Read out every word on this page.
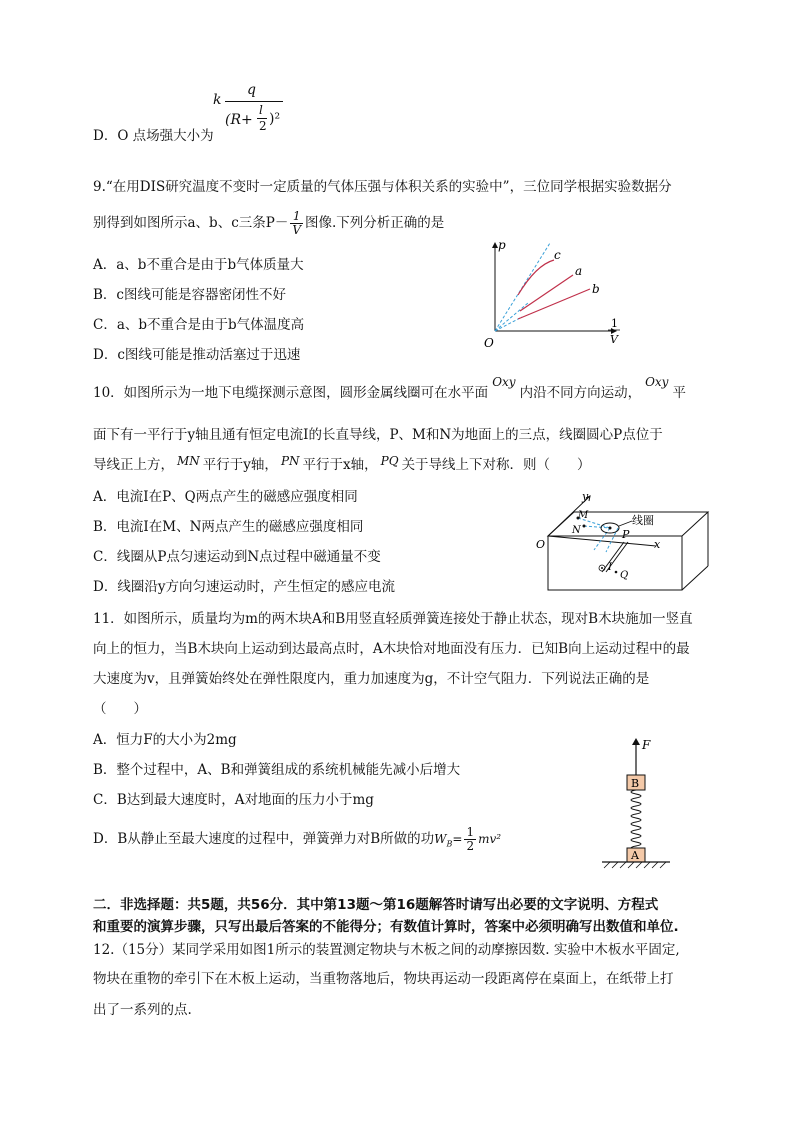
k
q
(R+
l
2 )²
D．O 点场强大小为
9.“在用DIS研究温度不变时一定质量的气体压强与体积关系的实验中”，三位同学根据实验数据分
别得到如图所示a、b、c三条$P- \frac{1}{V}$ 图像.下列分析正确的是
A．a、b不重合是由于b气体质量大
B．c图线可能是容器密闭性不好
C．a、b不重合是由于b气体温度高
D．c图线可能是推动活塞过于迅速
p
O
1
V
c
a
b
10．如图所示为一地下电缆探测示意图，圆形金属线圈可在水平面Oxy内沿不同方向运动，Oxy平
面下有一平行于y轴且通有恒定电流I的长直导线，P、M和N为地面上的三点，线圈圆心P点位于
导线正上方， MN 平行于y轴， PN 平行于x轴， PQ 关于导线上下对称．则（　　）
A．电流I在P、Q两点产生的磁感应强度相同
B．电流I在M、N两点产生的磁感应强度相同
C．线圈从P点匀速运动到N点过程中磁通量不变
D．线圈沿y方向匀速运动时，产生恒定的感应电流
y
x
O
线圈
M
N	P
I
Q
11．如图所示，质量均为m的两木块A和B用竖直轻质弹簧连接处于静止状态，现对B木块施加一竖直
向上的恒力，当B木块向上运动到达最高点时，A木块恰对地面没有压力．已知B向上运动过程中的最
大速度为v，且弹簧始终处在弹性限度内，重力加速度为g，不计空气阻力．下列说法正确的是
（　　）
A．恒力F的大小为2mg
B．整个过程中，A、B和弹簧组成的系统机械能先减小后增大
C．B达到最大速度时，A对地面的压力小于mg
D．B从静止至最大速度的过程中，弹簧弹力对B所做的功$W_B= \frac{1}{2} mv^2$
F
B
A
二．非选择题：共5题，共56分．其中第13题～第16题解答时请写出必要的文字说明、方程式
和重要的演算步骤，只写出最后答案的不能得分；有数值计算时，答案中必须明确写出数值和单位.
12.（15分）某同学采用如图1所示的装置测定物块与木板之间的动摩擦因数. 实验中木板水平固定,
物块在重物的牵引下在木板上运动，当重物落地后，物块再运动一段距离停在桌面上，在纸带上打
出了一系列的点.
